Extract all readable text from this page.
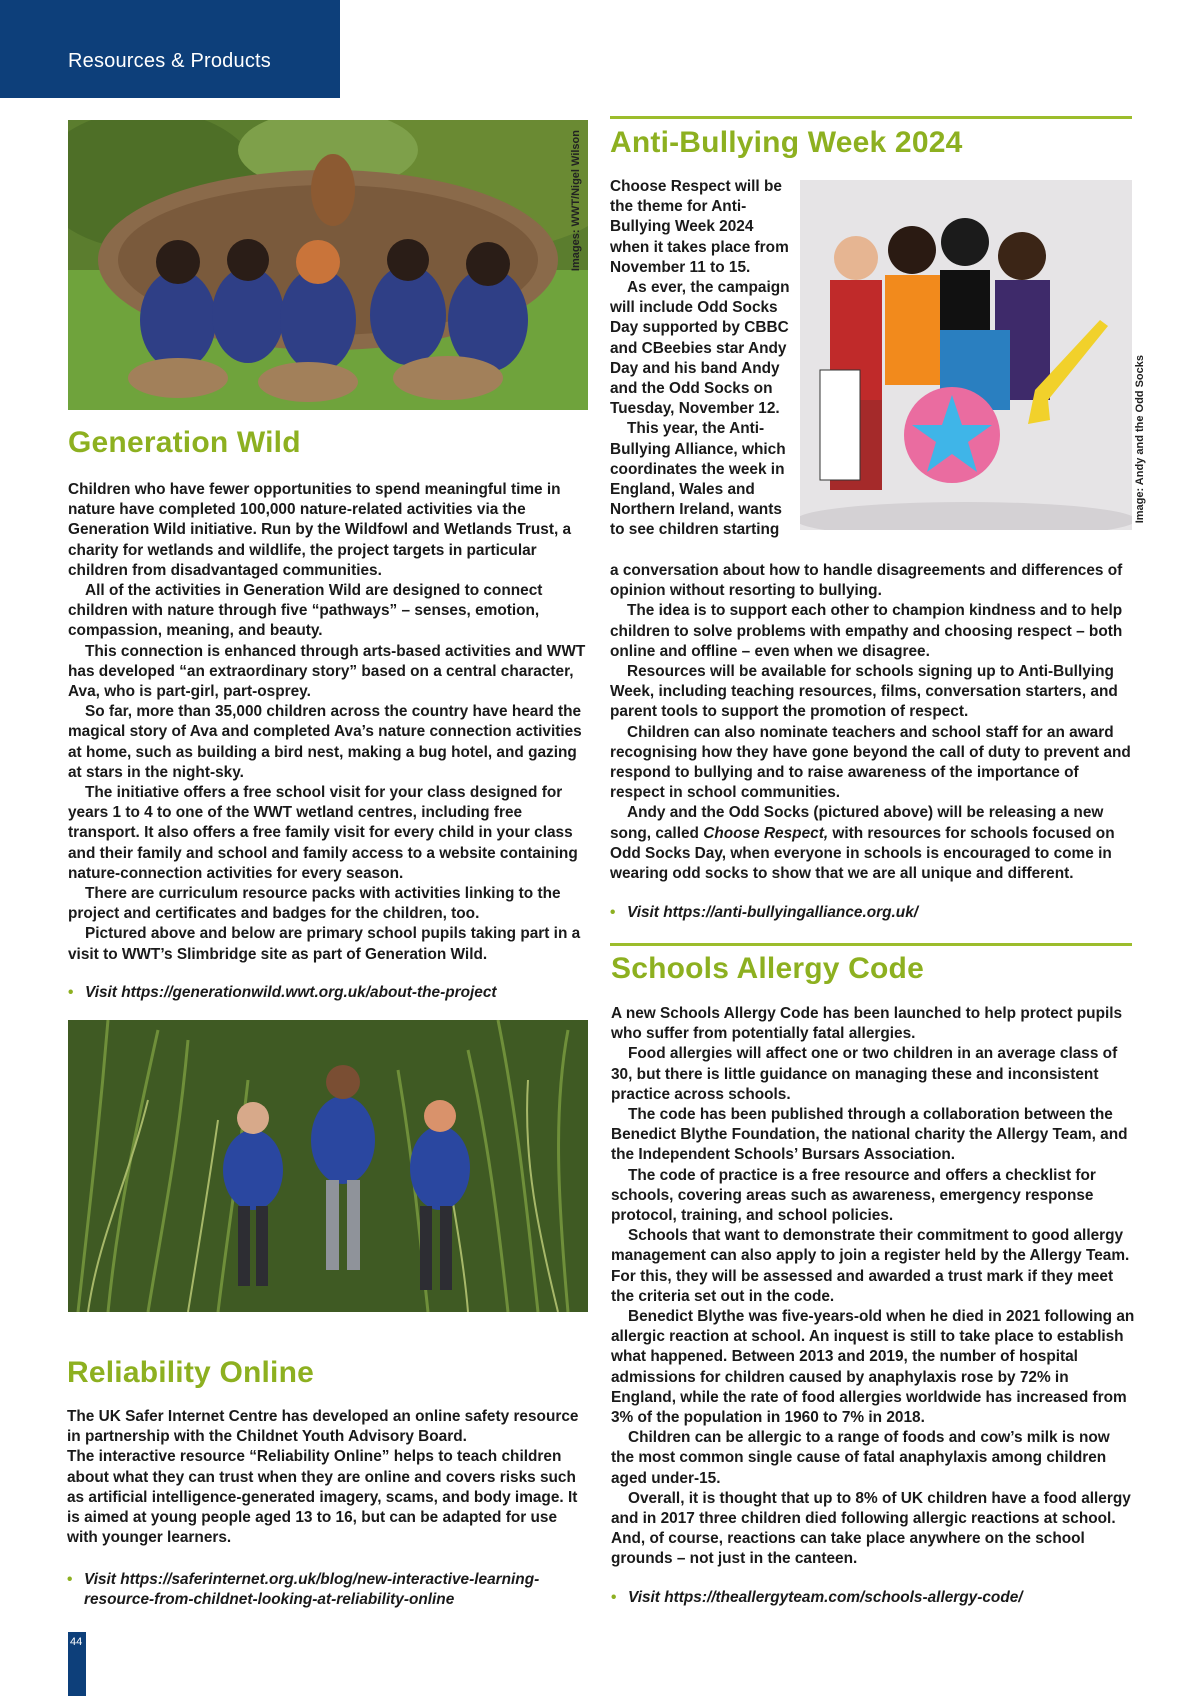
Resources & Products
Images: WWT/Nigel Wilson
Generation Wild

Children who have fewer opportunities to spend meaningful time in nature have completed 100,000 nature-related activities via the Generation Wild initiative. Run by the Wildfowl and Wetlands Trust, a charity for wetlands and wildlife, the project targets in particular children from disadvantaged communities.

All of the activities in Generation Wild are designed to connect children with nature through five “pathways” – senses, emotion, compassion, meaning, and beauty.

This connection is enhanced through arts-based activities and WWT has developed “an extraordinary story” based on a central character, Ava, who is part-girl, part-osprey.

So far, more than 35,000 children across the country have heard the magical story of Ava and completed Ava’s nature connection activities at home, such as building a bird nest, making a bug hotel, and gazing at stars in the night-sky.

The initiative offers a free school visit for your class designed for years 1 to 4 to one of the WWT wetland centres, including free transport. It also offers a free family visit for every child in your class and their family and school and family access to a website containing nature-connection activities for every season.

There are curriculum resource packs with activities linking to the project and certificates and badges for the children, too.

Pictured above and below are primary school pupils taking part in a visit to WWT’s Slimbridge site as part of Generation Wild.

• Visit https://generationwild.wwt.org.uk/about-the-project
Reliability Online

The UK Safer Internet Centre has developed an online safety resource in partnership with the Childnet Youth Advisory Board.

The interactive resource “Reliability Online” helps to teach children about what they can trust when they are online and covers risks such as artificial intelligence-generated imagery, scams, and body image. It is aimed at young people aged 13 to 16, but can be adapted for use with younger learners.

• Visit https://saferinternet.org.uk/blog/new-interactive-learning-resource-from-childnet-looking-at-reliability-online
Anti-Bullying Week 2024

Choose Respect will be the theme for Anti-Bullying Week 2024 when it takes place from November 11 to 15.

As ever, the campaign will include Odd Socks Day supported by CBBC and CBeebies star Andy Day and his band Andy and the Odd Socks on Tuesday, November 12.

This year, the Anti-Bullying Alliance, which coordinates the week in England, Wales and Northern Ireland, wants to see children starting

Image: Andy and the Odd Socks

a conversation about how to handle disagreements and differences of opinion without resorting to bullying.

The idea is to support each other to champion kindness and to help children to solve problems with empathy and choosing respect – both online and offline – even when we disagree.

Resources will be available for schools signing up to Anti-Bullying Week, including teaching resources, films, conversation starters, and parent tools to support the promotion of respect.

Children can also nominate teachers and school staff for an award recognising how they have gone beyond the call of duty to prevent and respond to bullying and to raise awareness of the importance of respect in school communities.

Andy and the Odd Socks (pictured above) will be releasing a new song, called Choose Respect, with resources for schools focused on Odd Socks Day, when everyone in schools is encouraged to come in wearing odd socks to show that we are all unique and different.

• Visit https://anti-bullyingalliance.org.uk/
Schools Allergy Code

A new Schools Allergy Code has been launched to help protect pupils who suffer from potentially fatal allergies.

Food allergies will affect one or two children in an average class of 30, but there is little guidance on managing these and inconsistent practice across schools.

The code has been published through a collaboration between the Benedict Blythe Foundation, the national charity the Allergy Team, and the Independent Schools’ Bursars Association.

The code of practice is a free resource and offers a checklist for schools, covering areas such as awareness, emergency response protocol, training, and school policies.

Schools that want to demonstrate their commitment to good allergy management can also apply to join a register held by the Allergy Team. For this, they will be assessed and awarded a trust mark if they meet the criteria set out in the code.

Benedict Blythe was five-years-old when he died in 2021 following an allergic reaction at school. An inquest is still to take place to establish what happened. Between 2013 and 2019, the number of hospital admissions for children caused by anaphylaxis rose by 72% in England, while the rate of food allergies worldwide has increased from 3% of the population in 1960 to 7% in 2018.

Children can be allergic to a range of foods and cow’s milk is now the most common single cause of fatal anaphylaxis among children aged under-15.

Overall, it is thought that up to 8% of UK children have a food allergy and in 2017 three children died following allergic reactions at school. And, of course, reactions can take place anywhere on the school grounds – not just in the canteen.

• Visit https://theallergyteam.com/schools-allergy-code/
44
